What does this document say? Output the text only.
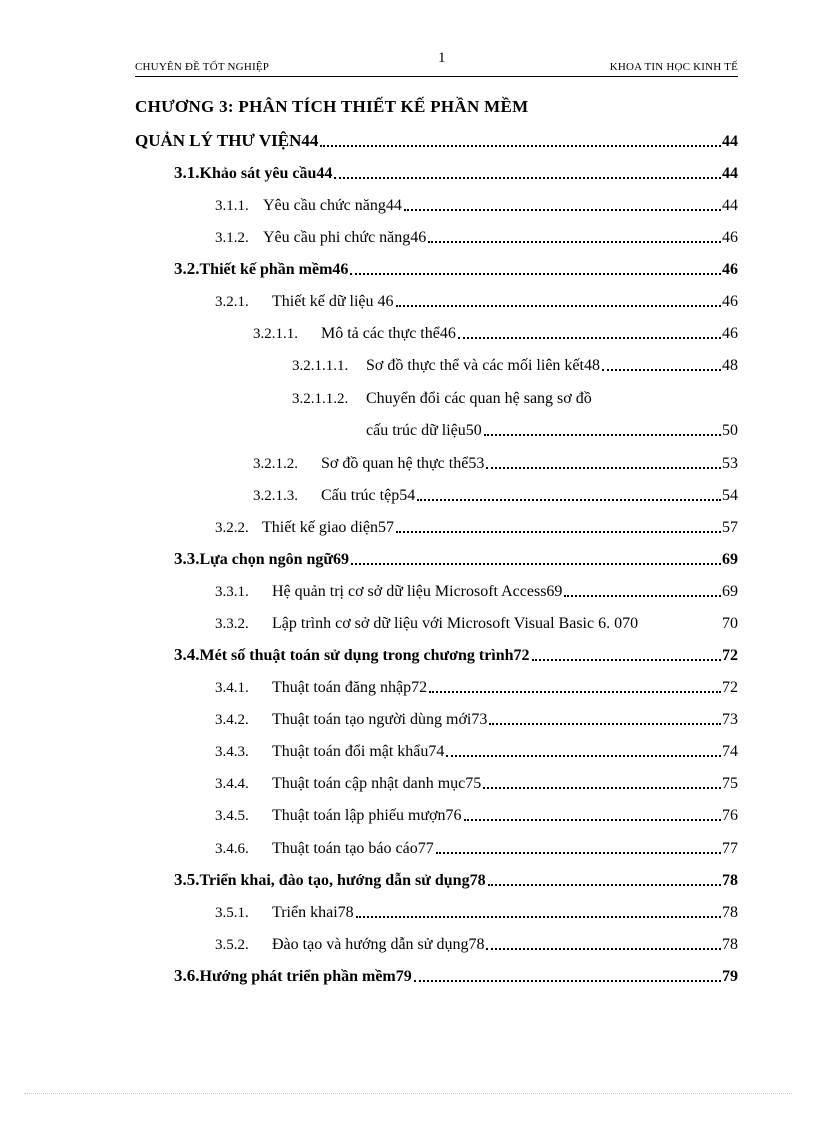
CHUYÊN ĐỀ TỐT NGHIỆP
1
KHOA TIN HỌC KINH TẾ
CHƯƠNG 3: PHÂN TÍCH THIẾT KẾ PHẦN MỀM
QUẢN LÝ THƯ VIỆN44	44
3.1. Khảo sát yêu cầu44	44
3.1.1. Yêu cầu chức năng44	44
3.1.2. Yêu cầu phi chức năng46	46
3.2. Thiết kế phần mềm46	46
3.2.1.	Thiết kế dữ liệu 46	46
3.2.1.1.	Mô tả các thực thể46	46
3.2.1.1.1.	Sơ đồ thực thể và các mối liên kết48	48
3.2.1.1.2.	Chuyển đổi các quan hệ sang sơ đồ
cấu trúc dữ liệu50	50
3.2.1.2.	Sơ đồ quan hệ thực thể53	53
3.2.1.3.	Cấu trúc tệp54	54
3.2.2. Thiết kế giao diện57	57
3.3. Lựa chọn ngôn ngữ69	69
3.3.1.	Hệ quản trị cơ sở dữ liệu Microsoft Access69	69
3.3.2.	Lập trình cơ sở dữ liệu với Microsoft Visual Basic 6. 070	70
3.4. Mét số thuật toán sử dụng trong chương trình72	72
3.4.1.	Thuật toán đăng nhập72	72
3.4.2.	Thuật toán tạo người dùng mới73	73
3.4.3.	Thuật toán đổi mật khẩu74	74
3.4.4.	Thuật toán cập nhật danh mục75	75
3.4.5.	Thuật toán lập phiếu mượn76	76
3.4.6.	Thuật toán tạo báo cáo77	77
3.5. Triển khai, đào tạo, hướng dẫn sử dụng78	78
3.5.1.	Triển khai78	78
3.5.2.	Đào tạo và hướng dẫn sử dụng78	78
3.6. Hướng phát triển phần mềm79	79
